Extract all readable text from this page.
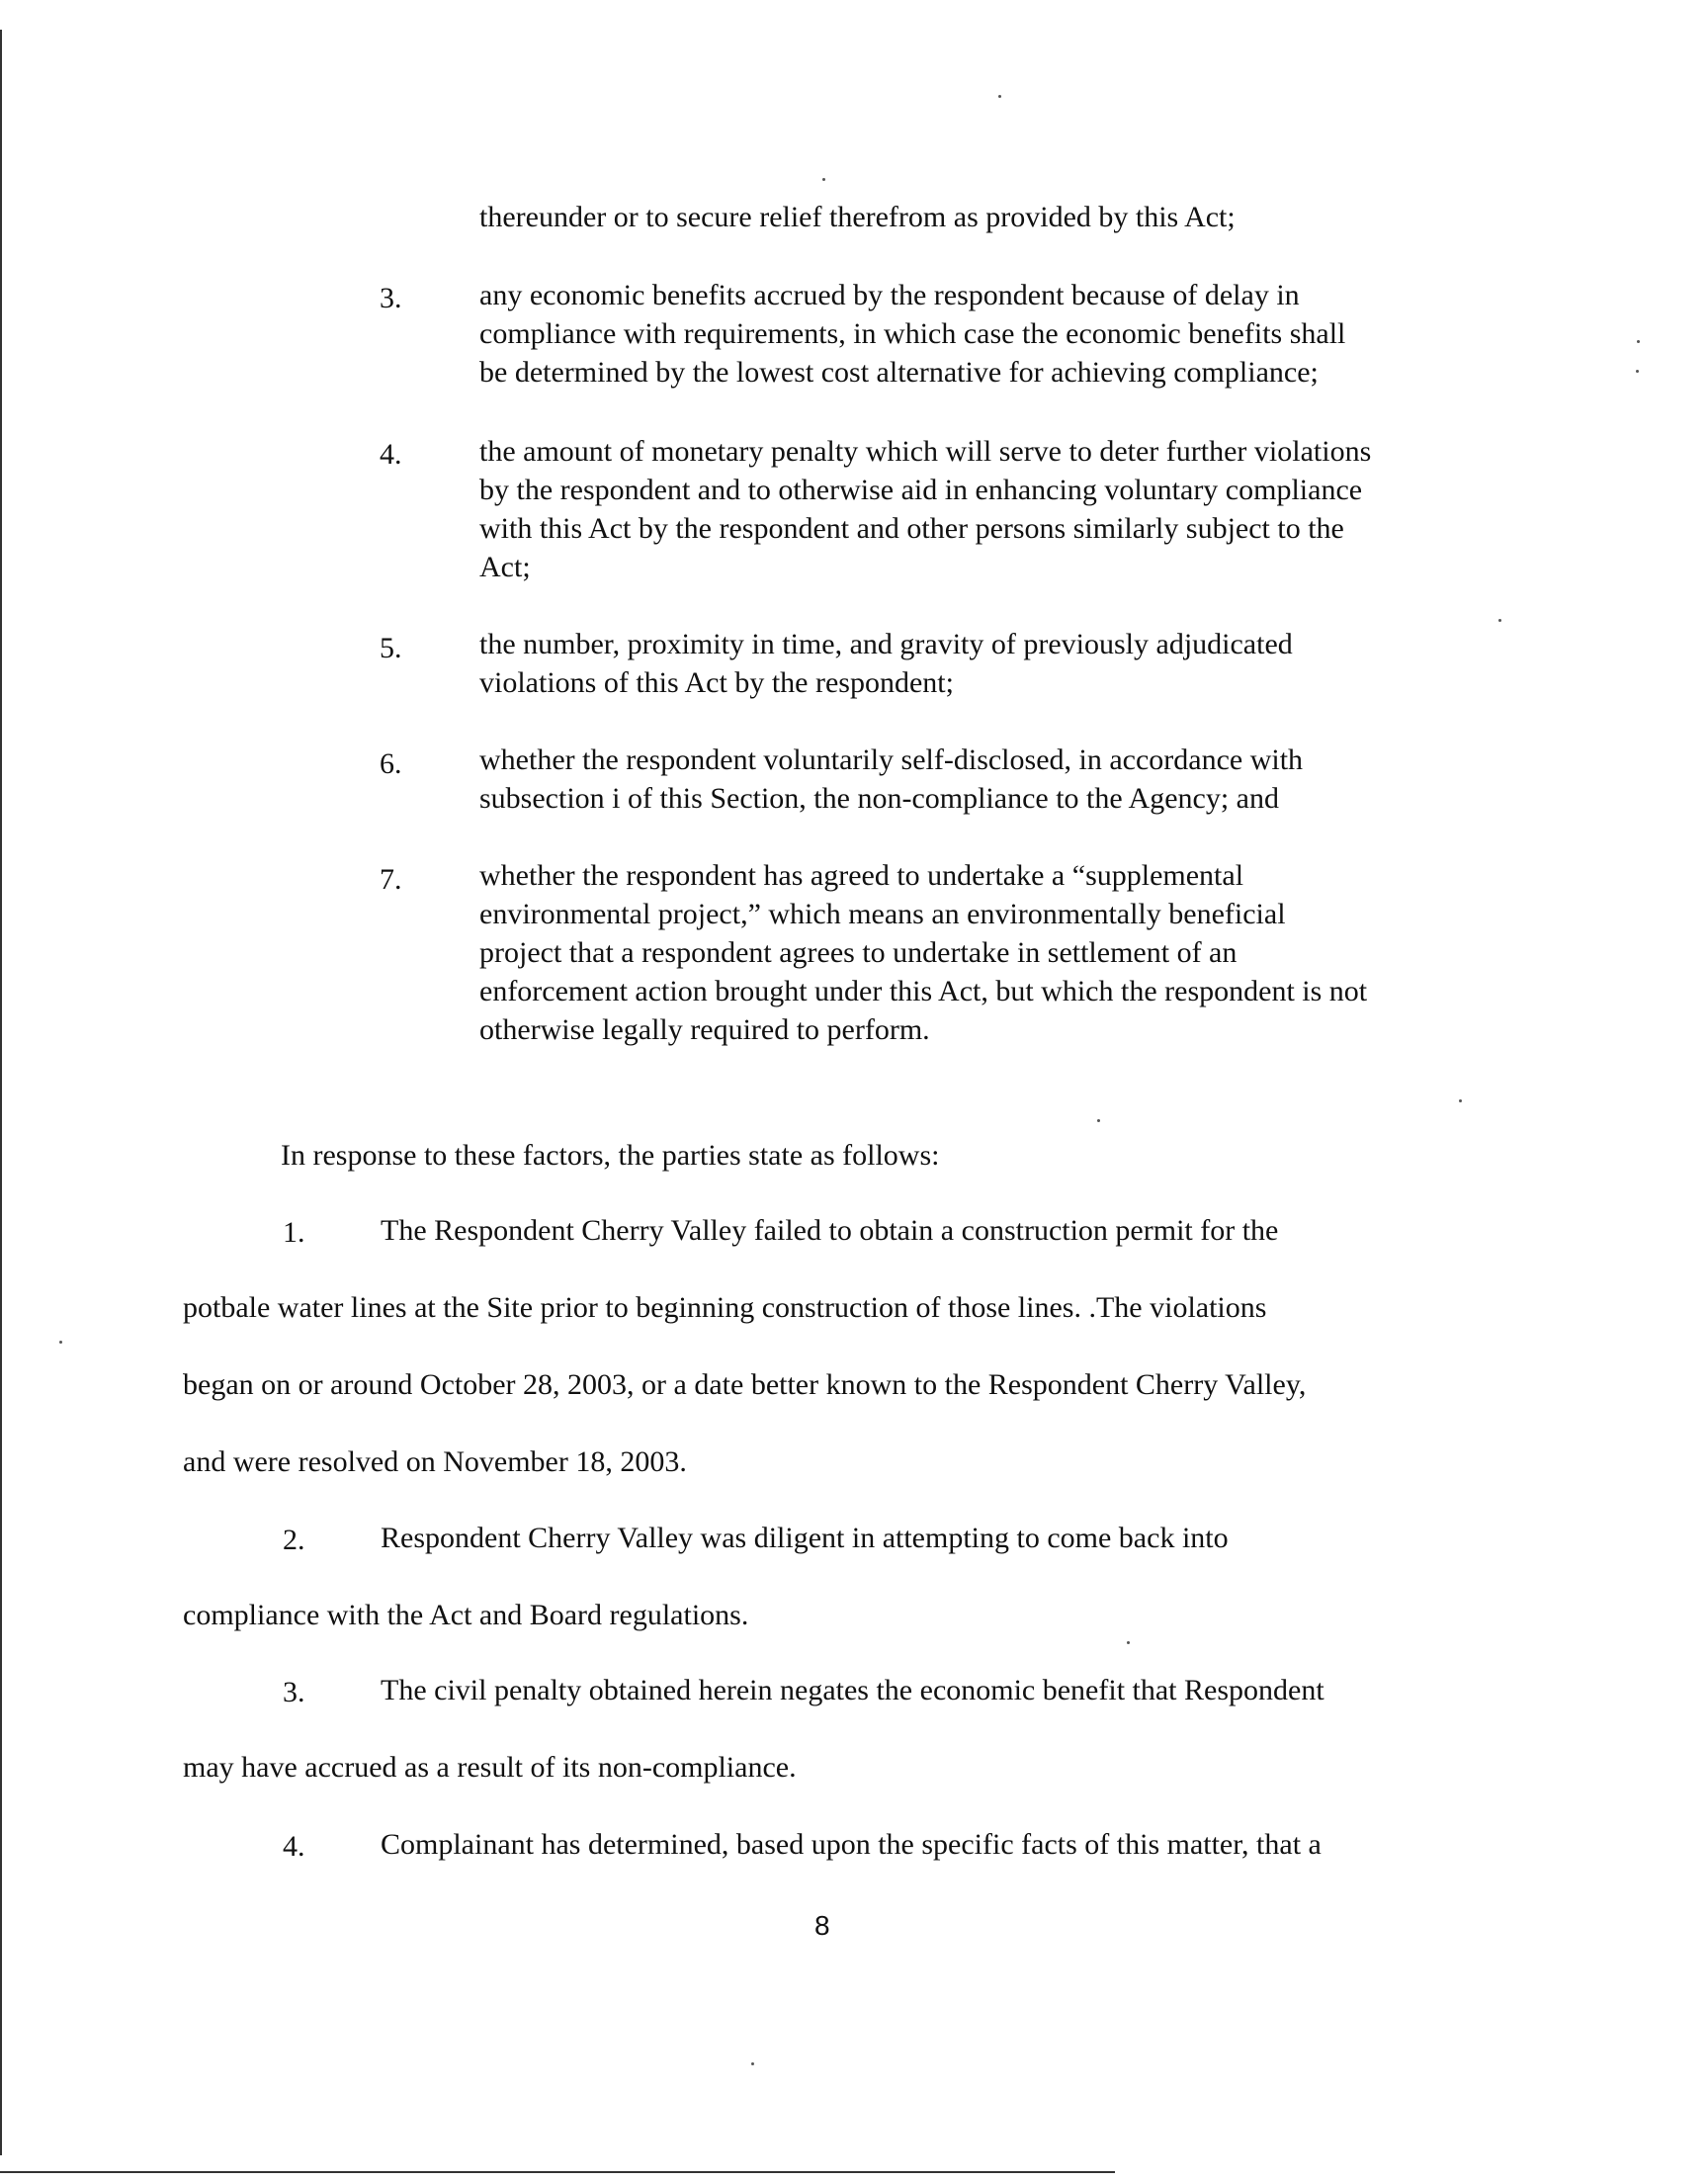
thereunder or to secure relief therefrom as provided by this Act;
3.	any economic benefits accrued by the respondent because of delay in
compliance with requirements, in which case the economic benefits shall
be determined by the lowest cost alternative for achieving compliance;
4.	the amount of monetary penalty which will serve to deter further violations
by the respondent and to otherwise aid in enhancing voluntary compliance
with this Act by the respondent and other persons similarly subject to the
Act;
5.	the number, proximity in time, and gravity of previously adjudicated
violations of this Act by the respondent;
6.	whether the respondent voluntarily self-disclosed, in accordance with
subsection i of this Section, the non-compliance to the Agency; and
7.	whether the respondent has agreed to undertake a “supplemental
environmental project,” which means an environmentally beneficial
project that a respondent agrees to undertake in settlement of an
enforcement action brought under this Act, but which the respondent is not
otherwise legally required to perform.
In response to these factors, the parties state as follows:
1.	The Respondent Cherry Valley failed to obtain a construction permit for the
potbale water lines at the Site prior to beginning construction of those lines. .The violations
began on or around October 28, 2003, or a date better known to the Respondent Cherry Valley,
and were resolved on November 18, 2003.
2.	Respondent Cherry Valley was diligent in attempting to come back into
compliance with the Act and Board regulations.
3.	The civil penalty obtained herein negates the economic benefit that Respondent
may have accrued as a result of its non-compliance.
4.	Complainant has determined, based upon the specific facts of this matter, that a
8
